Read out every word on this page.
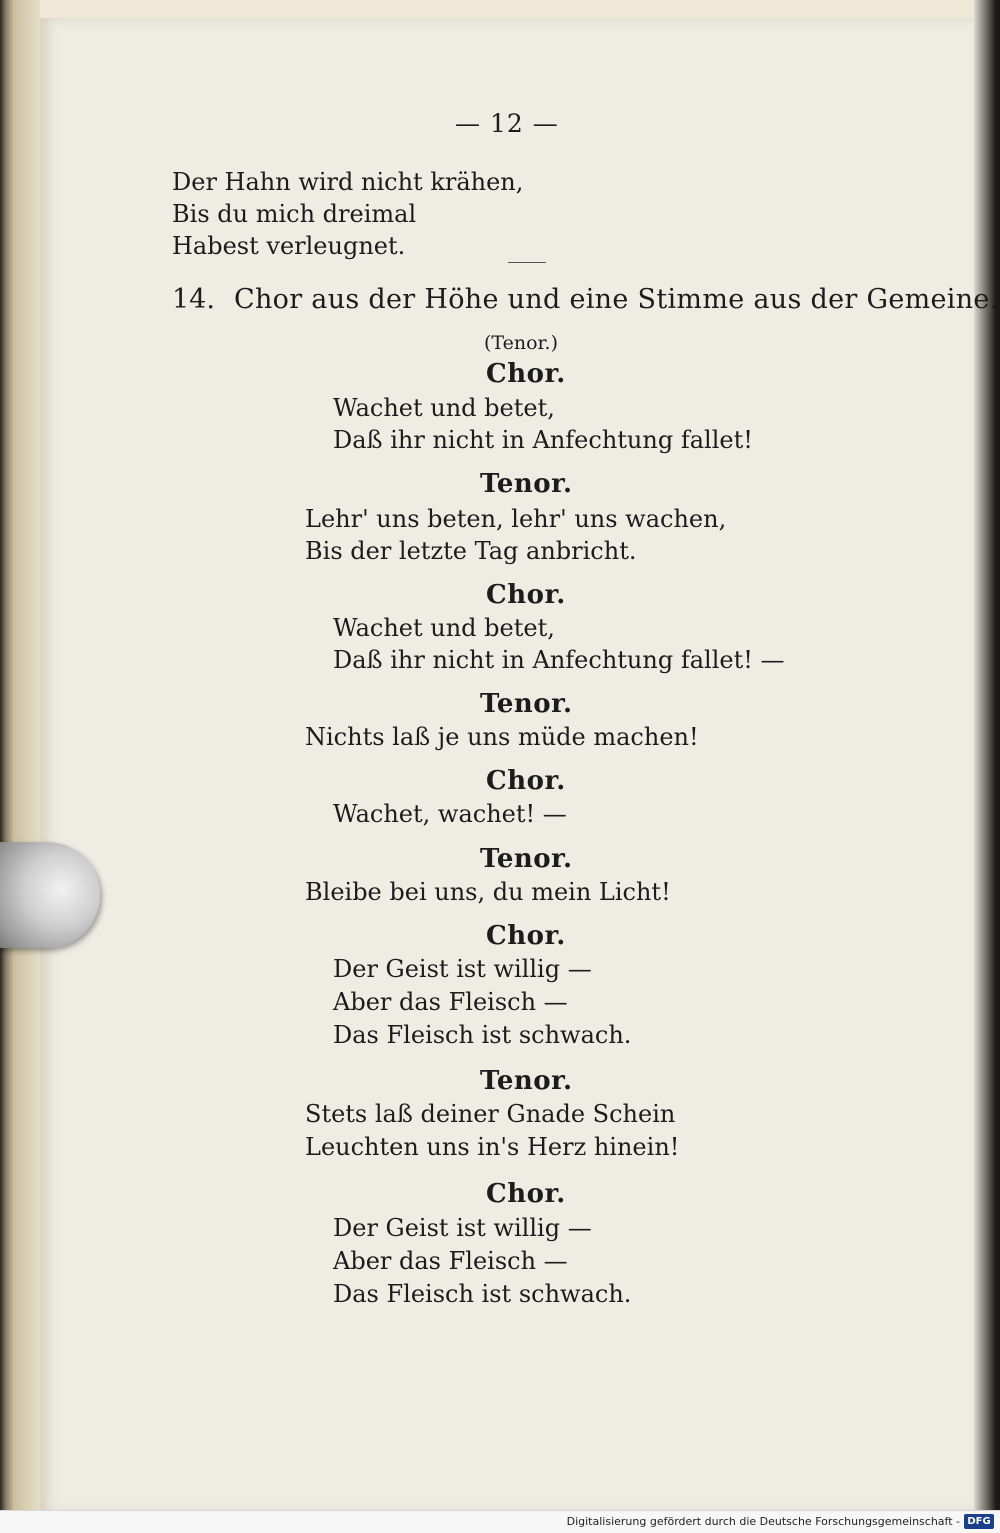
— 12 —
Der Hahn wird nicht krähen,
Bis du mich dreimal
Habest verleugnet.
14. Chor aus der Höhe und eine Stimme aus der Gemeine.
(Tenor.)
Chor.
Wachet und betet,
Daß ihr nicht in Anfechtung fallet!
Tenor.
Lehr' uns beten, lehr' uns wachen,
Bis der letzte Tag anbricht.
Chor.
Wachet und betet,
Daß ihr nicht in Anfechtung fallet! —
Tenor.
Nichts laß je uns müde machen!
Chor.
Wachet, wachet! —
Tenor.
Bleibe bei uns, du mein Licht!
Chor.
Der Geist ist willig —
Aber das Fleisch —
Das Fleisch ist schwach.
Tenor.
Stets laß deiner Gnade Schein
Leuchten uns in's Herz hinein!
Chor.
Der Geist ist willig —
Aber das Fleisch —
Das Fleisch ist schwach.
Digitalisierung gefördert durch die Deutsche Forschungsgemeinschaft - DFG
